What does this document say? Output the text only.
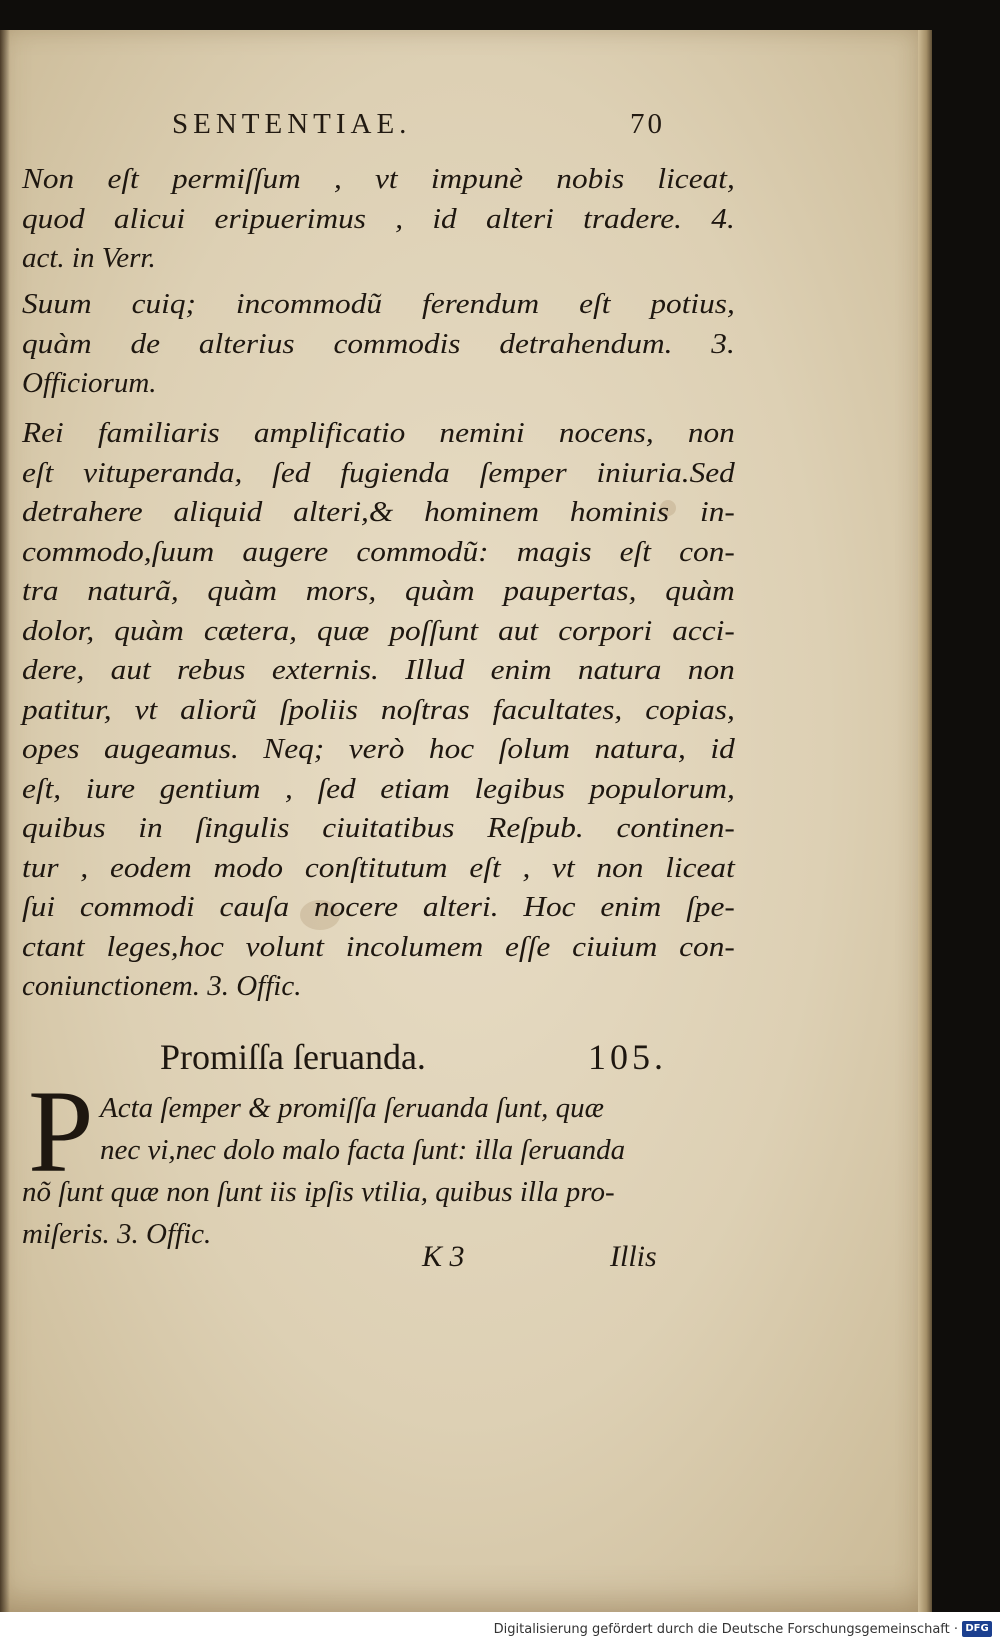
SENTENTIAE.	70
Non eſt permiſſum , vt impunè nobis liceat,
quod alicui eripuerimus , id alteri tradere. 4.
act. in Verr.
Suum cuiq; incommodũ ferendum eſt potius,
quàm de alterius commodis detrahendum. 3.
Officiorum.
Rei familiaris amplificatio nemini nocens, non
eſt vituperanda, ſed fugienda ſemper iniuria.Sed
detrahere aliquid alteri,& hominem hominis in-
commodo,ſuum augere commodũ: magis eſt con-
tra naturã, quàm mors, quàm paupertas, quàm
dolor, quàm cætera, quæ poſſunt aut corpori acci-
dere, aut rebus externis. Illud enim natura non
patitur, vt aliorũ ſpoliis noſtras facultates, copias,
opes augeamus. Neq; verò hoc ſolum natura, id
eſt, iure gentium , ſed etiam legibus populorum,
quibus in ſingulis ciuitatibus Reſpub. continen-
tur , eodem modo conſtitutum eſt , vt non liceat
ſui commodi cauſa nocere alteri. Hoc enim ſpe-
ctant leges,hoc volunt incolumem eſſe ciuium con-
coniunctionem. 3. Offic.
Promiſſa ſeruanda.	105.
P Acta ſemper & promiſſa ſeruanda ſunt, quæ
nec vi,nec dolo malo facta ſunt: illa ſeruanda
nõ ſunt quæ non ſunt iis ipſis vtilia, quibus illa pro-
miſeris. 3. Offic.
K 3	Illis
Digitalisierung gefördert durch die Deutsche Forschungsgemeinschaft · DFG
